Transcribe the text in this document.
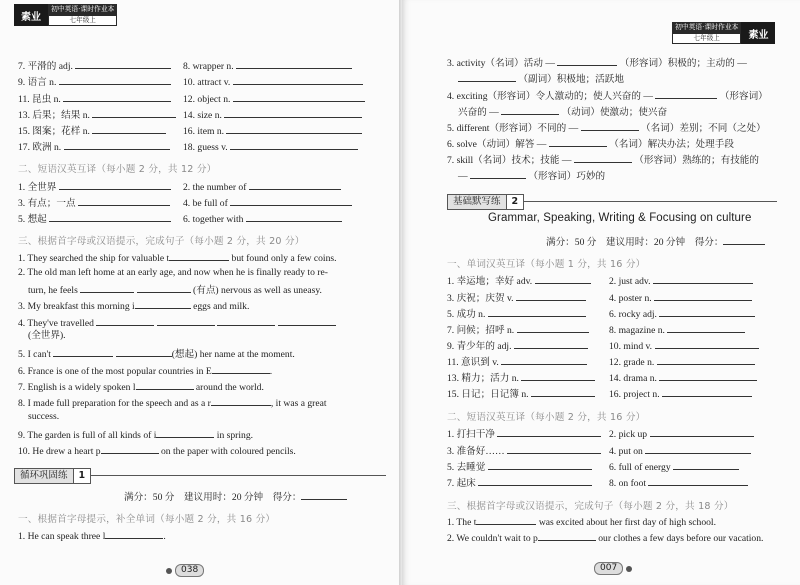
素业
初中英语·课时作业本
七年级上
7. 平滑的 adj.	8. wrapper n.
9. 语言 n.	10. attract v.
11. 昆虫 n.	12. object n.
13. 后果；结果 n.	14. size n.
15. 图案；花样 n.	16. item n.
17. 欧洲 n.	18. guess v.
二、短语汉英互译（每小题 2 分，共 12 分）
1. 全世界	2. the number of
3. 有点；一点	4. be full of
5. 想起	6. together with
三、根据首字母或汉语提示，完成句子（每小题 2 分，共 20 分）
1. They searched the ship for valuable t	but found only a few coins.
2. The old man left home at an early age, and now when he is finally ready to re-
turn, he feels	(有点) nervous as well as uneasy.
3. My breakfast this morning i	eggs and milk.
4. They've travelled
(全世界).
5. I can't	(想起) her name at the moment.
6. France is one of the most popular countries in E	.
7. English is a widely spoken l	around the world.
8. I made full preparation for the speech and as a r	, it was a great
success.
9. The garden is full of all kinds of i	in spring.
10. He drew a heart p	on the paper with coloured pencils.
循环巩固练	1
满分：50 分　建议用时：20 分钟　得分：
一、根据首字母提示，补全单词（每小题 2 分，共 16 分）
1. He can speak three l	.
038
初中英语·课时作业本
七年级上	素业
3. activity（名词）活动 —	（形容词）积极的；主动的 —
（副词）积极地；活跃地
4. exciting（形容词）令人激动的；使人兴奋的 —	（形容词）
兴奋的 —	（动词）使激动；使兴奋
5. different（形容词）不同的 —	（名词）差别；不同（之处）
6. solve（动词）解答 —	（名词）解决办法；处理手段
7. skill（名词）技术；技能 —	（形容词）熟练的；有技能的
—	（形容词）巧妙的
基础默写练	2
Grammar, Speaking, Writing & Focusing on culture
满分：50 分　建议用时：20 分钟　得分：
一、单词汉英互译（每小题 1 分，共 16 分）
1. 幸运地；幸好 adv.	2. just adv.
3. 庆祝；庆贺 v.	4. poster n.
5. 成功 n.	6. rocky adj.
7. 问候；招呼 n.	8. magazine n.
9. 青少年的 adj.	10. mind v.
11. 意识到 v.	12. grade n.
13. 精力；活力 n.	14. drama n.
15. 日记；日记簿 n.	16. project n.
二、短语汉英互译（每小题 2 分，共 16 分）
1. 打扫干净	2. pick up
3. 准备好……	4. put on
5. 去睡觉	6. full of energy
7. 起床	8. on foot
三、根据首字母或汉语提示，完成句子（每小题 2 分，共 18 分）
1. The t	was excited about her first day of high school.
2. We couldn't wait to p	our clothes a few days before our vacation.
007
